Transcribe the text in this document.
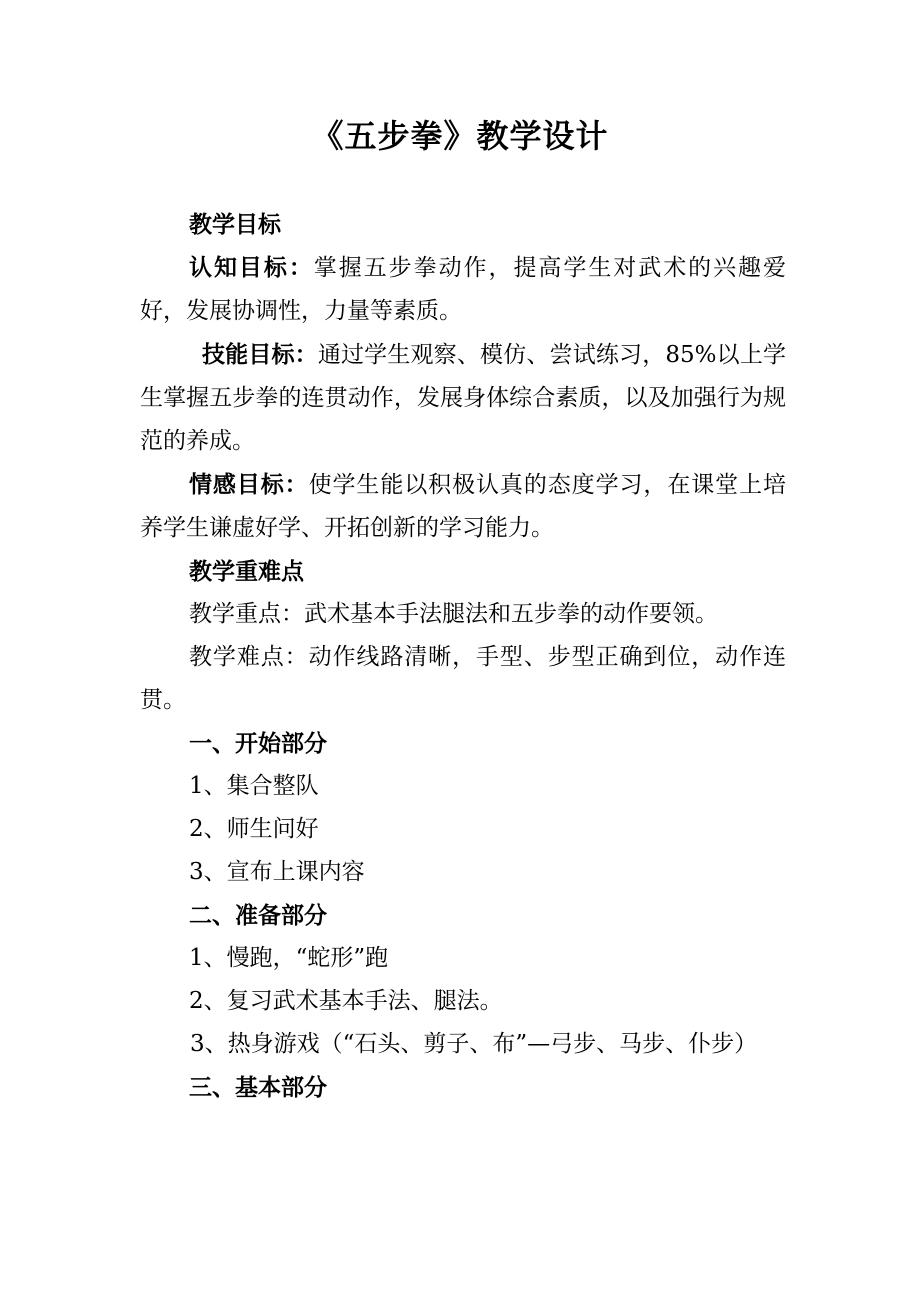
《五步拳》教学设计

教学目标

认知目标：掌握五步拳动作，提高学生对武术的兴趣爱好，发展协调性，力量等素质。

技能目标：通过学生观察、模仿、尝试练习，85%以上学生掌握五步拳的连贯动作，发展身体综合素质，以及加强行为规范的养成。

情感目标：使学生能以积极认真的态度学习，在课堂上培养学生谦虚好学、开拓创新的学习能力。

教学重难点

教学重点：武术基本手法腿法和五步拳的动作要领。

教学难点：动作线路清晰，手型、步型正确到位，动作连贯。

一、开始部分

1、集合整队

2、师生问好

3、宣布上课内容

二、准备部分

1、慢跑，“蛇形”跑

2、复习武术基本手法、腿法。

3、热身游戏（“石头、剪子、布”—弓步、马步、仆步）

三、基本部分
